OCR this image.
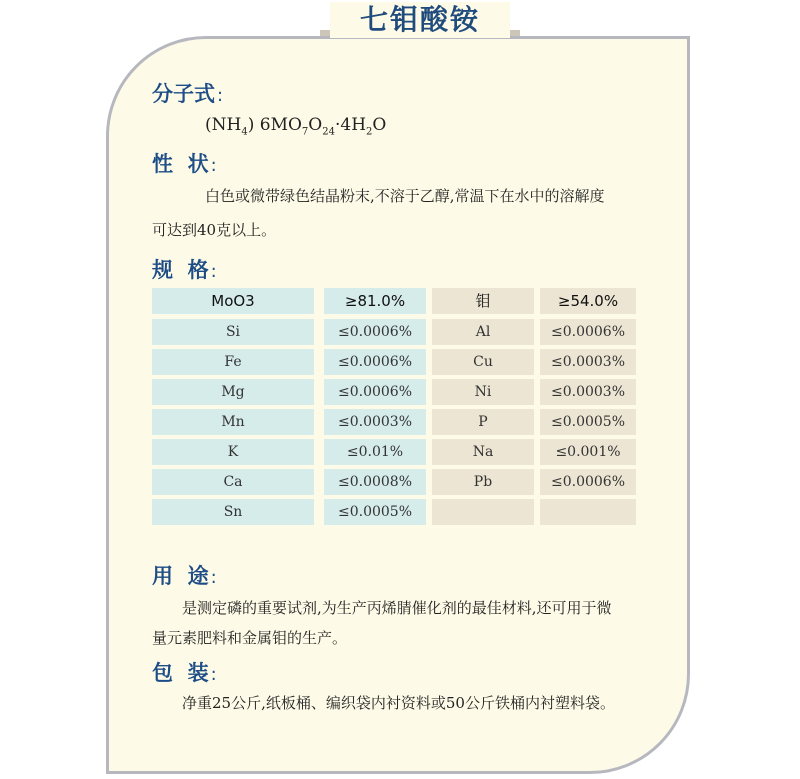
七钼酸铵
分子式 :
$(NH_4)$ $6MO_7O_{24}\cdot 4H_2O$
性  状 :
白色或微带绿色结晶粉末,不溶于乙醇,常温下在水中的溶解度
可达到40克以上。
规  格 :
MoO3	≥81.0%	钼	≥54.0%
Si	≤0.0006%	Al	≤0.0006%
Fe	≤0.0006%	Cu	≤0.0003%
Mg	≤0.0006%	Ni	≤0.0003%
Mn	≤0.0003%	P	≤0.0005%
K	≤0.01%	Na	≤0.001%
Ca	≤0.0008%	Pb	≤0.0006%
Sn	≤0.0005%
用  途 :
是测定磷的重要试剂,为生产丙烯腈催化剂的最佳材料,还可用于微
量元素肥料和金属钼的生产。
包  装 :
净重25公斤,纸板桶、编织袋内衬资料或50公斤铁桶内衬塑料袋。
